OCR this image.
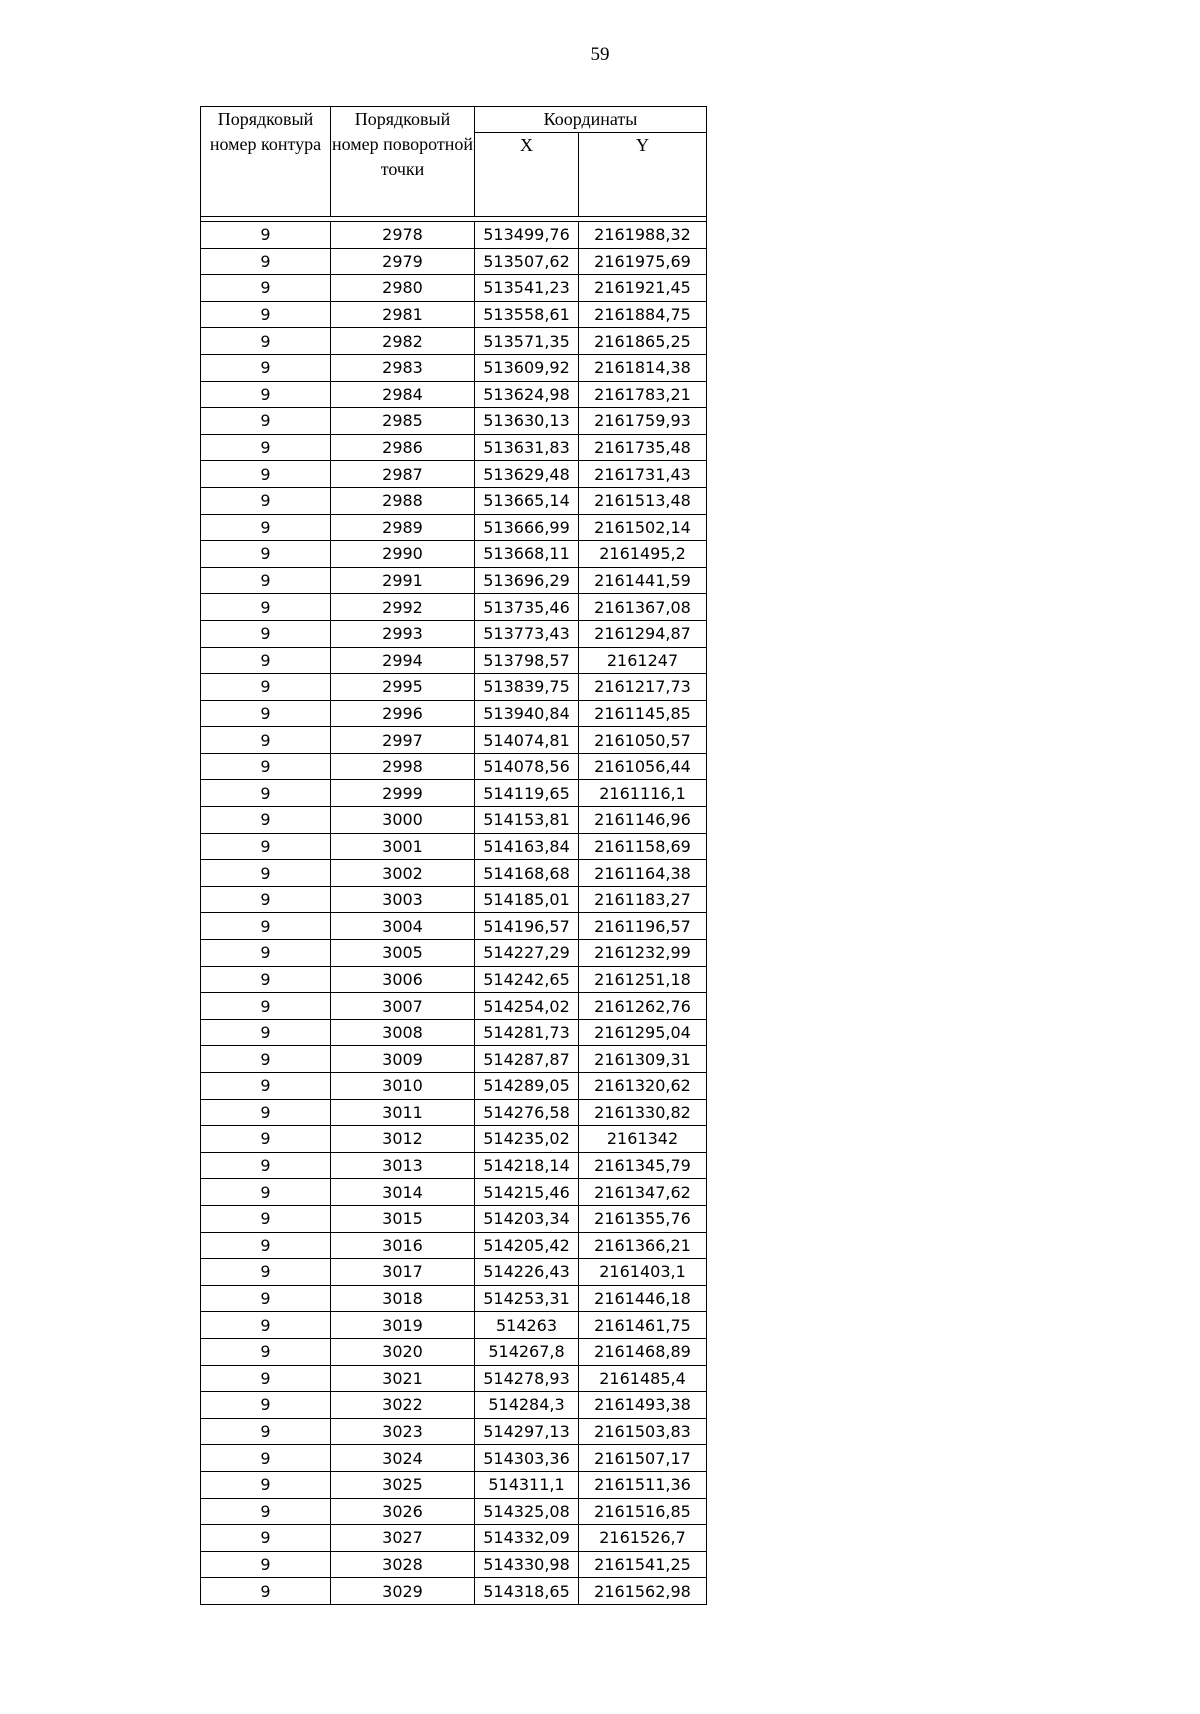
59
Порядковый номер контура	Порядковый номер поворотной точки	Координаты	
		X	Y

9	2978	513499,76	2161988,32
9	2979	513507,62	2161975,69
9	2980	513541,23	2161921,45
9	2981	513558,61	2161884,75
9	2982	513571,35	2161865,25
9	2983	513609,92	2161814,38
9	2984	513624,98	2161783,21
9	2985	513630,13	2161759,93
9	2986	513631,83	2161735,48
9	2987	513629,48	2161731,43
9	2988	513665,14	2161513,48
9	2989	513666,99	2161502,14
9	2990	513668,11	2161495,2
9	2991	513696,29	2161441,59
9	2992	513735,46	2161367,08
9	2993	513773,43	2161294,87
9	2994	513798,57	2161247
9	2995	513839,75	2161217,73
9	2996	513940,84	2161145,85
9	2997	514074,81	2161050,57
9	2998	514078,56	2161056,44
9	2999	514119,65	2161116,1
9	3000	514153,81	2161146,96
9	3001	514163,84	2161158,69
9	3002	514168,68	2161164,38
9	3003	514185,01	2161183,27
9	3004	514196,57	2161196,57
9	3005	514227,29	2161232,99
9	3006	514242,65	2161251,18
9	3007	514254,02	2161262,76
9	3008	514281,73	2161295,04
9	3009	514287,87	2161309,31
9	3010	514289,05	2161320,62
9	3011	514276,58	2161330,82
9	3012	514235,02	2161342
9	3013	514218,14	2161345,79
9	3014	514215,46	2161347,62
9	3015	514203,34	2161355,76
9	3016	514205,42	2161366,21
9	3017	514226,43	2161403,1
9	3018	514253,31	2161446,18
9	3019	514263	2161461,75
9	3020	514267,8	2161468,89
9	3021	514278,93	2161485,4
9	3022	514284,3	2161493,38
9	3023	514297,13	2161503,83
9	3024	514303,36	2161507,17
9	3025	514311,1	2161511,36
9	3026	514325,08	2161516,85
9	3027	514332,09	2161526,7
9	3028	514330,98	2161541,25
9	3029	514318,65	2161562,98
